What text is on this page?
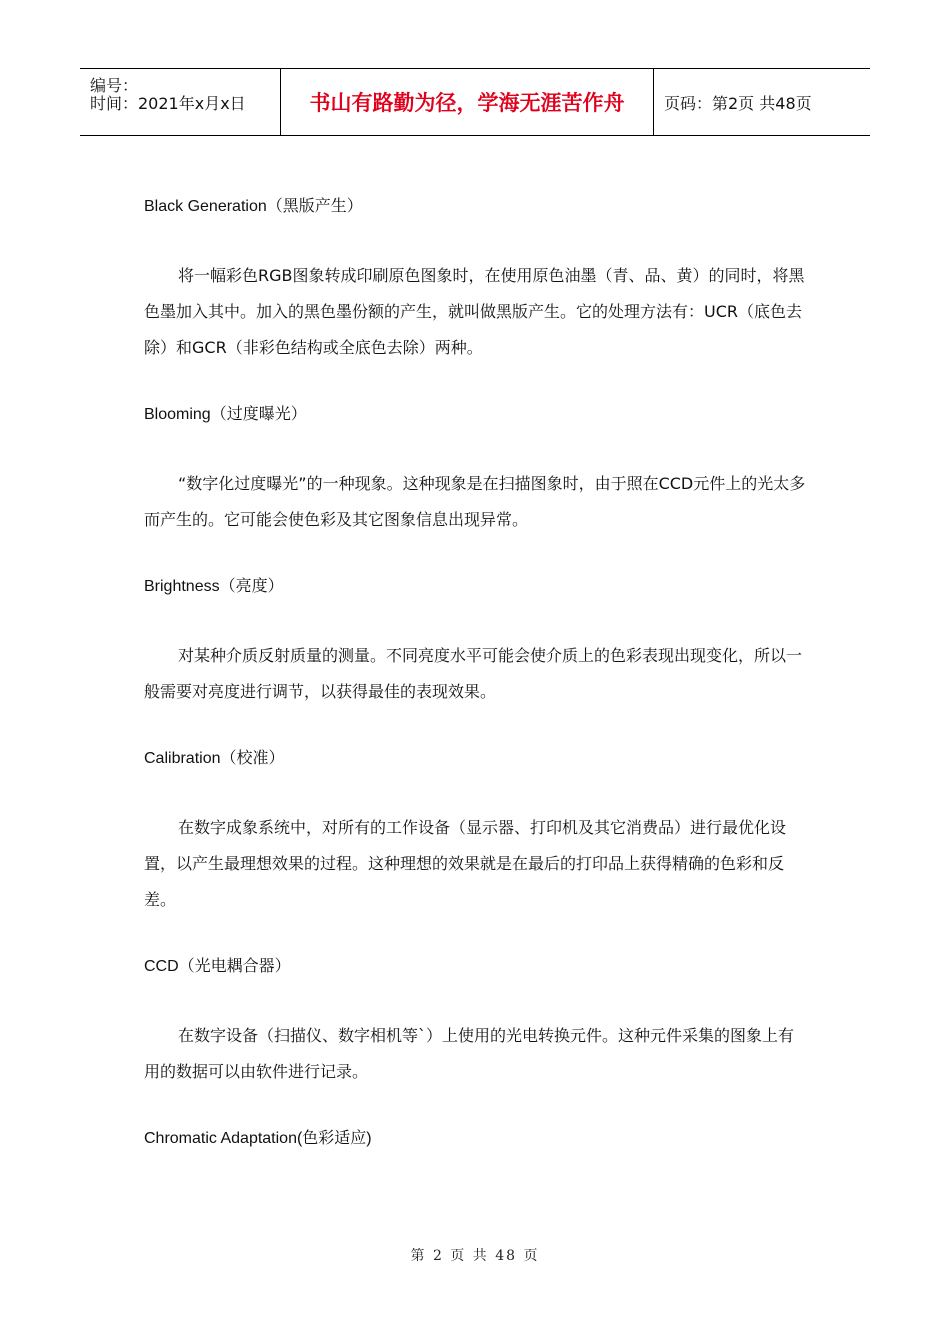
编号：
时间：2021年x月x日	书山有路勤为径，学海无涯苦作舟	页码：第2页 共48页

Black Generation（黑版产生）

将一幅彩色RGB图象转成印刷原色图象时，在使用原色油墨（青、品、黄）的同时，将黑色墨加入其中。加入的黑色墨份额的产生，就叫做黑版产生。它的处理方法有：UCR（底色去除）和GCR（非彩色结构或全底色去除）两种。

Blooming（过度曝光）

“数字化过度曝光”的一种现象。这种现象是在扫描图象时，由于照在CCD元件上的光太多而产生的。它可能会使色彩及其它图象信息出现异常。

Brightness（亮度）

对某种介质反射质量的测量。不同亮度水平可能会使介质上的色彩表现出现变化，所以一般需要对亮度进行调节，以获得最佳的表现效果。

Calibration（校准）

在数字成象系统中，对所有的工作设备（显示器、打印机及其它消费品）进行最优化设置，以产生最理想效果的过程。这种理想的效果就是在最后的打印品上获得精确的色彩和反差。

CCD（光电耦合器）

在数字设备（扫描仪、数字相机等`）上使用的光电转换元件。这种元件采集的图象上有用的数据可以由软件进行记录。

Chromatic Adaptation(色彩适应)

第 2 页 共 48 页
